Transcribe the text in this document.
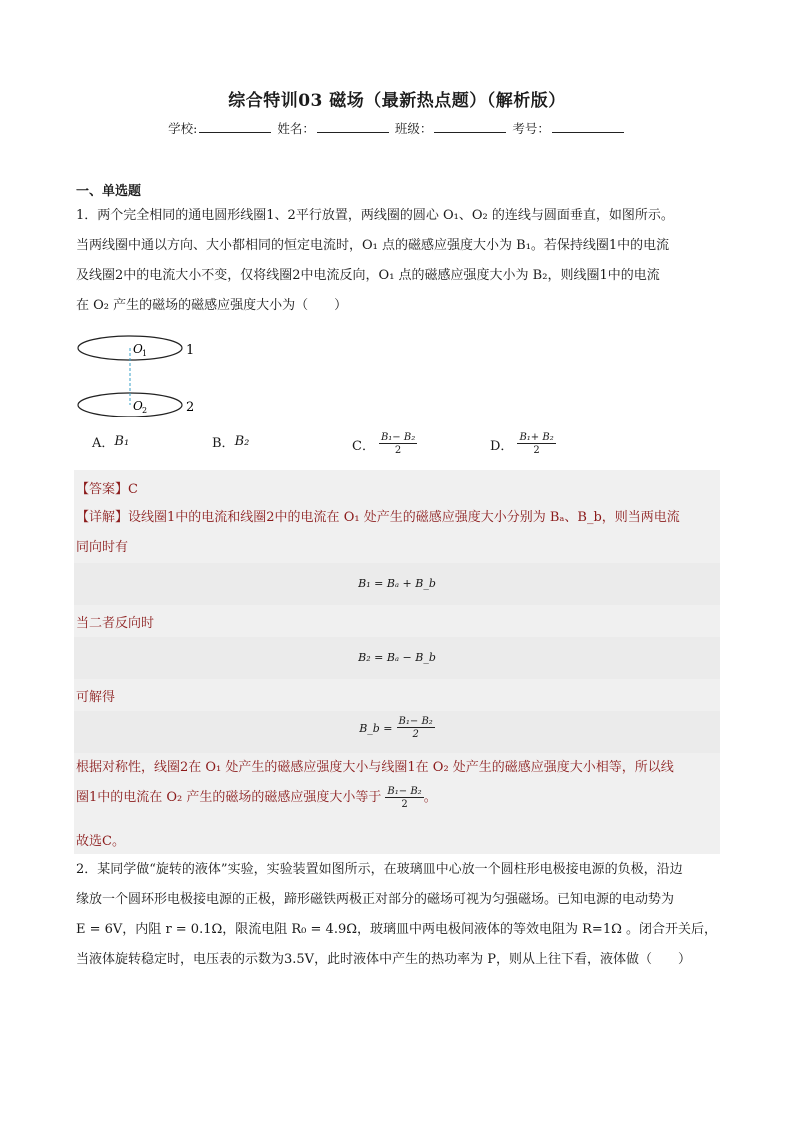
综合特训03 磁场（最新热点题）（解析版）
学校:	姓名：	班级：	考号：
一、单选题

1．两个完全相同的通电圆形线圈1、2平行放置，两线圈的圆心 O₁、O₂ 的连线与圆面垂直，如图所示。

当两线圈中通以方向、大小都相同的恒定电流时，O₁ 点的磁感应强度大小为 B₁。若保持线圈1中的电流

及线圈2中的电流大小不变，仅将线圈2中电流反向，O₁ 点的磁感应强度大小为 B₂，则线圈1中的电流

在 O₂ 产生的磁场的磁感应强度大小为（　　）

O 1
O 2
1
2
A． B₁	B． B₂	C． $\frac{\text{B₁− B₂}}{2}$	D． $\frac{\text{B₁+ B₂}}{2}$
【答案】C

【详解】设线圈1中的电流和线圈2中的电流在 O₁ 处产生的磁感应强度大小分别为 Bₐ、B_b，则当两电流

同向时有

B₁ = Bₐ + B_b
当二者反向时
B₂ = Bₐ − B_b
可解得
B_b = $\frac{\text{B₁− B₂}}{2}$

根据对称性，线圈2在 O₁ 处产生的磁感应强度大小与线圈1在 O₂ 处产生的磁感应强度大小相等，所以线

圈1中的电流在 O₂ 产生的磁场的磁感应强度大小等于 $\frac{\text{B₁− B₂}}{2}$ 。

故选C。

2．某同学做“旋转的液体”实验，实验装置如图所示，在玻璃皿中心放一个圆柱形电极接电源的负极，沿边

缘放一个圆环形电极接电源的正极，蹄形磁铁两极正对部分的磁场可视为匀强磁场。已知电源的电动势为

E = 6V，内阻 r = 0.1Ω，限流电阻 R₀ = 4.9Ω，玻璃皿中两电极间液体的等效电阻为 R=1Ω 。闭合开关后，

当液体旋转稳定时，电压表的示数为3.5V，此时液体中产生的热功率为 P，则从上往下看，液体做（　　）
